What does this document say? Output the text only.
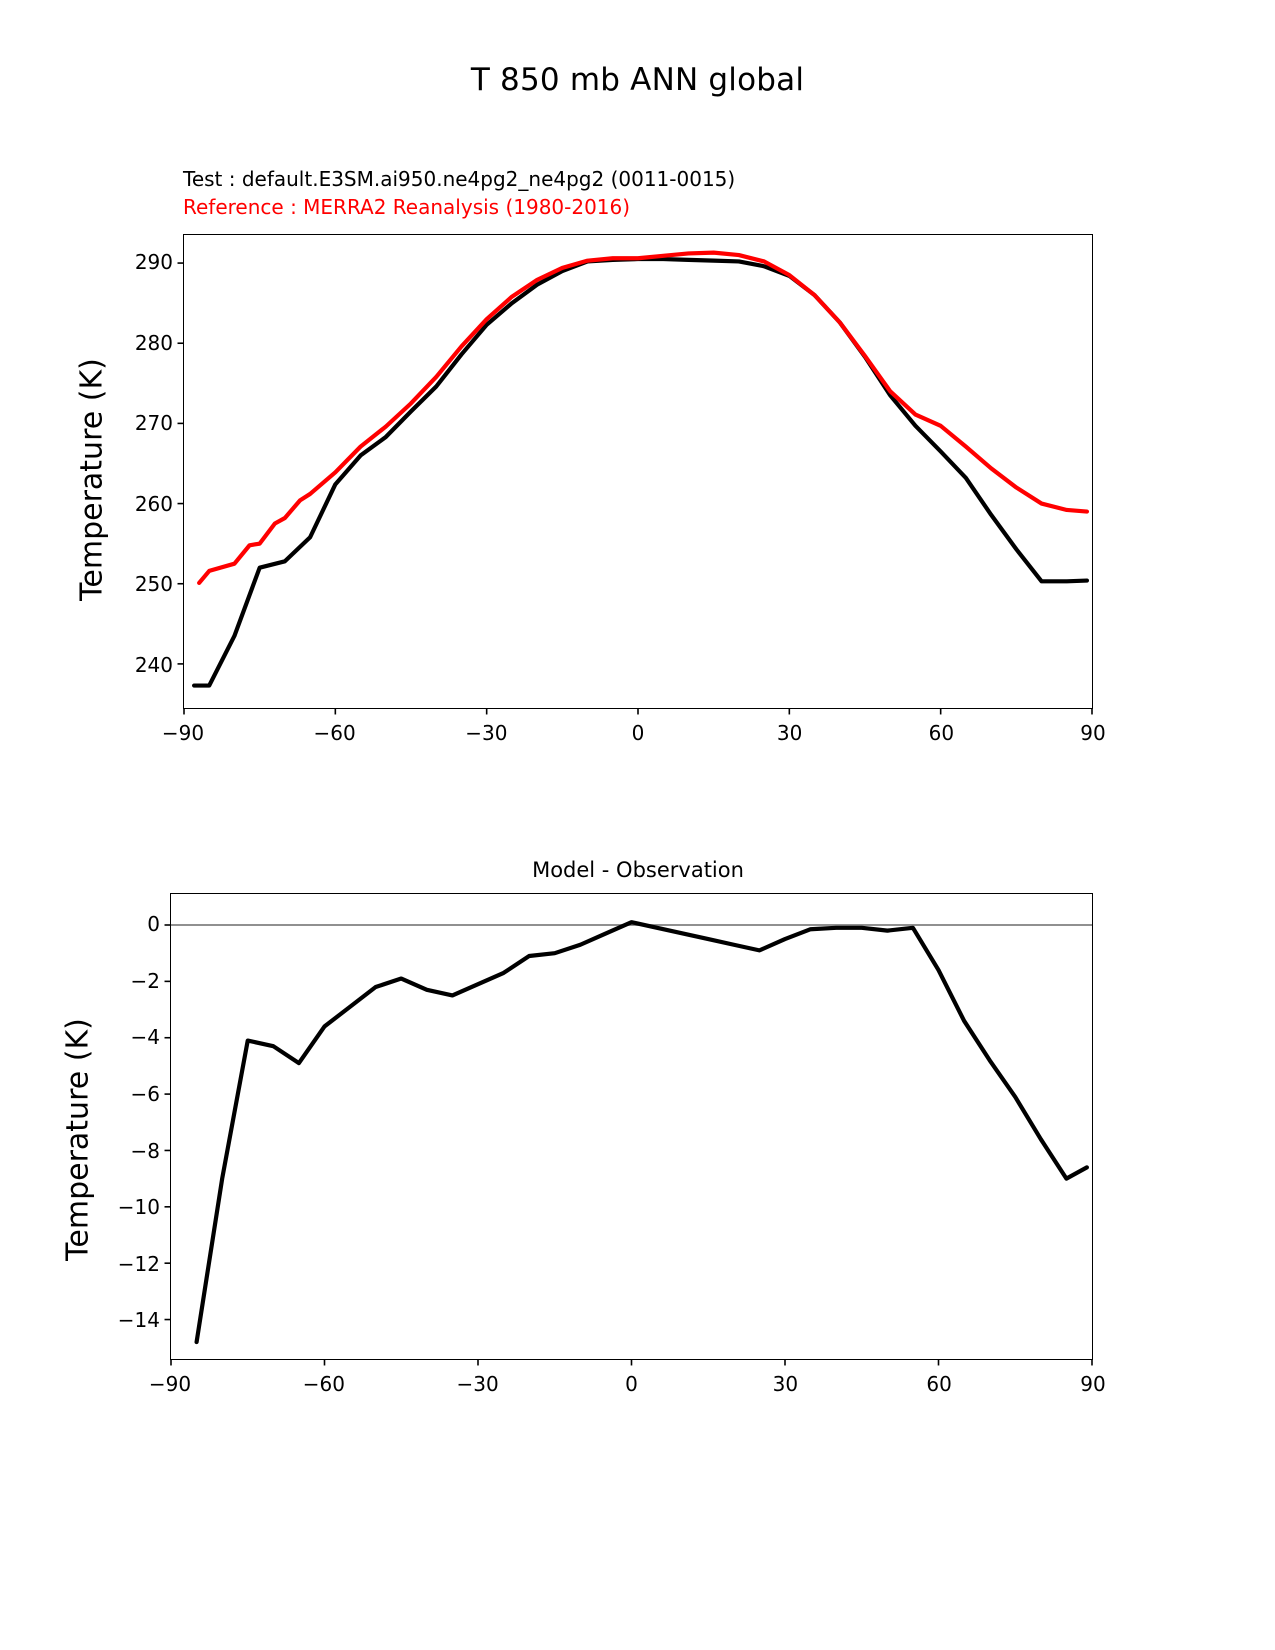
T 850 mb ANN global
Test : default.E3SM.ai950.ne4pg2_ne4pg2 (0011-0015)
Reference : MERRA2 Reanalysis (1980-2016)
Temperature (K)
Model - Observation
Temperature (K)
−90	−60	−30	0	30	60	90
240
250
260
270
280
290
−90	−60	−30	0	30	60	90
0
−2
−4
−6
−8
−10
−12
−14
